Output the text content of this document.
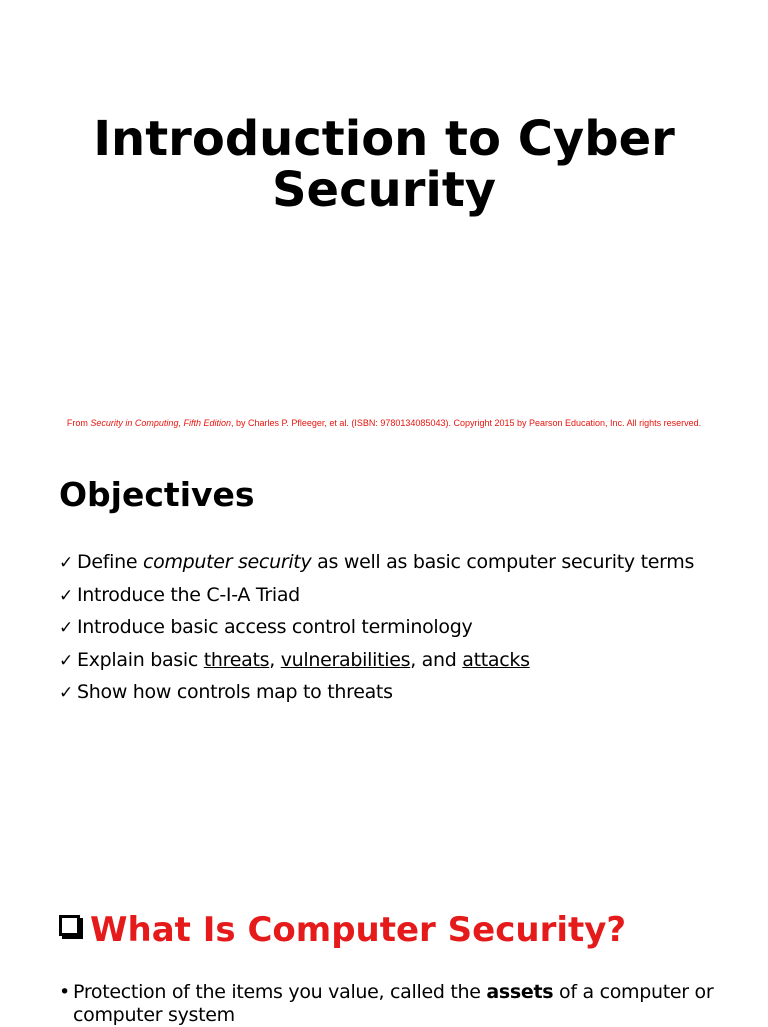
Introduction to Cyber Security
From Security in Computing, Fifth Edition, by Charles P. Pfleeger, et al. (ISBN: 9780134085043). Copyright 2015 by Pearson Education, Inc. All rights reserved.
Objectives
✓ Define computer security as well as basic computer security terms
✓ Introduce the C-I-A Triad
✓ Introduce basic access control terminology
✓ Explain basic threats, vulnerabilities, and attacks
✓ Show how controls map to threats
What Is Computer Security?
• Protection of the items you value, called the assets of a computer or
computer system
